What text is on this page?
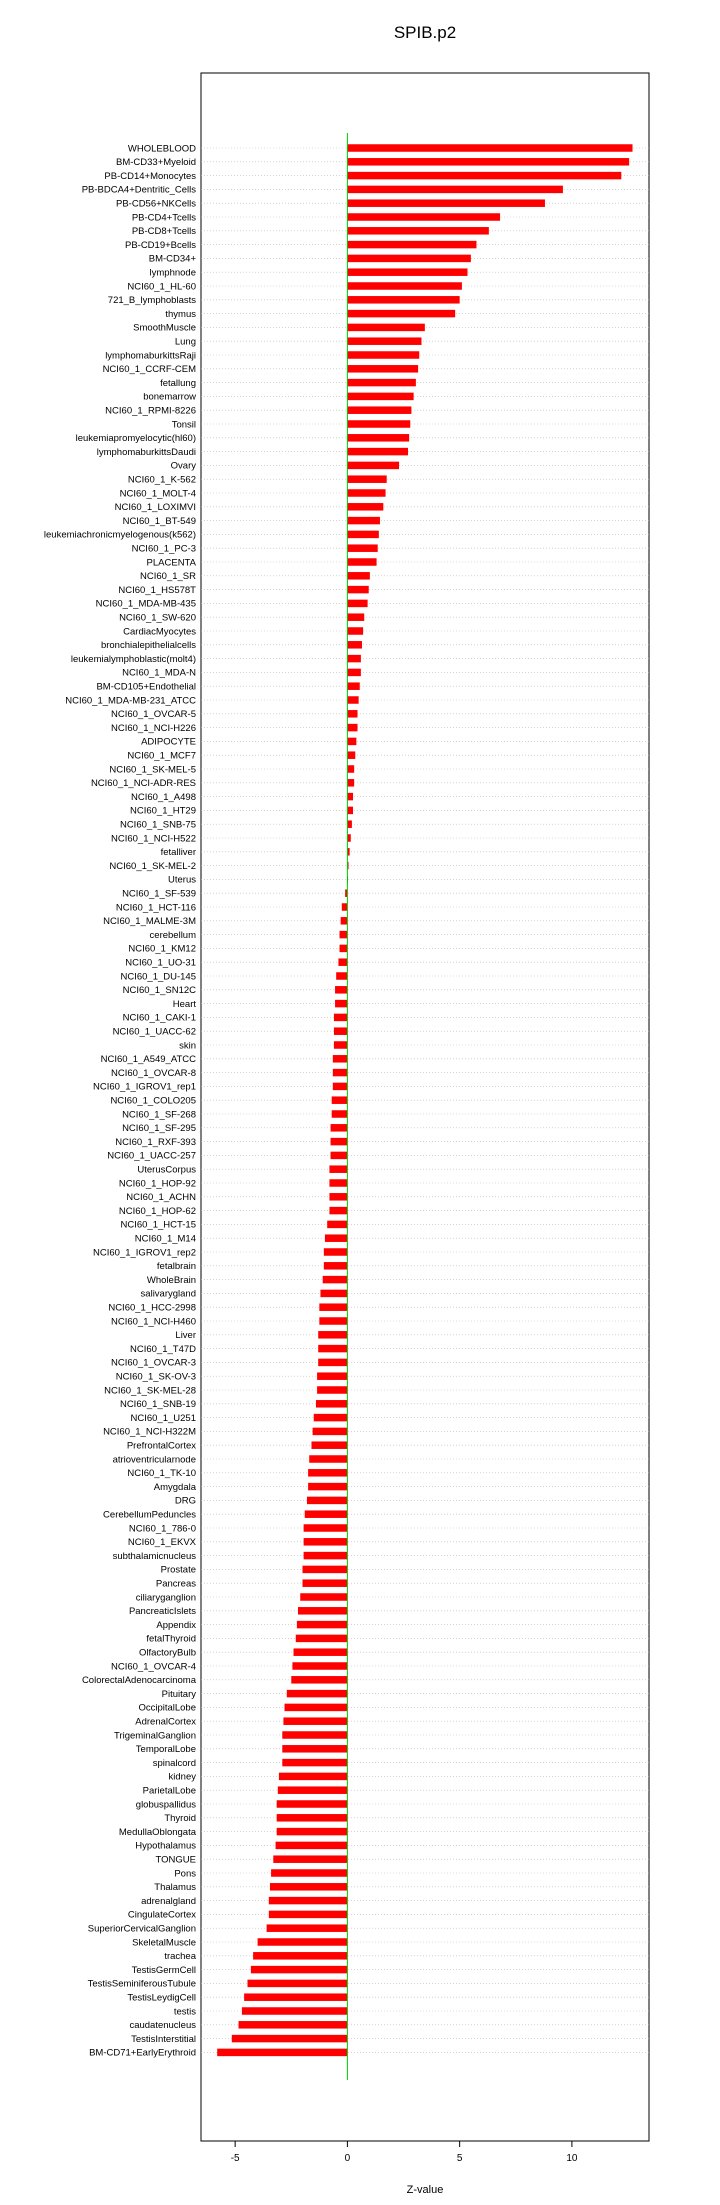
SPIB.p2
WHOLEBLOOD
BM-CD33+Myeloid
PB-CD14+Monocytes
PB-BDCA4+Dentritic_Cells
PB-CD56+NKCells
PB-CD4+Tcells
PB-CD8+Tcells
PB-CD19+Bcells
BM-CD34+
lymphnode
NCI60_1_HL-60
721_B_lymphoblasts
thymus
SmoothMuscle
Lung
lymphomaburkittsRaji
NCI60_1_CCRF-CEM
fetallung
bonemarrow
NCI60_1_RPMI-8226
Tonsil
leukemiapromyelocytic(hl60)
lymphomaburkittsDaudi
Ovary
NCI60_1_K-562
NCI60_1_MOLT-4
NCI60_1_LOXIMVI
NCI60_1_BT-549
leukemiachronicmyelogenous(k562)
NCI60_1_PC-3
PLACENTA
NCI60_1_SR
NCI60_1_HS578T
NCI60_1_MDA-MB-435
NCI60_1_SW-620
CardiacMyocytes
bronchialepithelialcells
leukemialymphoblastic(molt4)
NCI60_1_MDA-N
BM-CD105+Endothelial
NCI60_1_MDA-MB-231_ATCC
NCI60_1_OVCAR-5
NCI60_1_NCI-H226
ADIPOCYTE
NCI60_1_MCF7
NCI60_1_SK-MEL-5
NCI60_1_NCI-ADR-RES
NCI60_1_A498
NCI60_1_HT29
NCI60_1_SNB-75
NCI60_1_NCI-H522
fetalliver
NCI60_1_SK-MEL-2
Uterus
NCI60_1_SF-539
NCI60_1_HCT-116
NCI60_1_MALME-3M
cerebellum
NCI60_1_KM12
NCI60_1_UO-31
NCI60_1_DU-145
NCI60_1_SN12C
Heart
NCI60_1_CAKI-1
NCI60_1_UACC-62
skin
NCI60_1_A549_ATCC
NCI60_1_OVCAR-8
NCI60_1_IGROV1_rep1
NCI60_1_COLO205
NCI60_1_SF-268
NCI60_1_SF-295
NCI60_1_RXF-393
NCI60_1_UACC-257
UterusCorpus
NCI60_1_HOP-92
NCI60_1_ACHN
NCI60_1_HOP-62
NCI60_1_HCT-15
NCI60_1_M14
NCI60_1_IGROV1_rep2
fetalbrain
WholeBrain
salivarygland
NCI60_1_HCC-2998
NCI60_1_NCI-H460
Liver
NCI60_1_T47D
NCI60_1_OVCAR-3
NCI60_1_SK-OV-3
NCI60_1_SK-MEL-28
NCI60_1_SNB-19
NCI60_1_U251
NCI60_1_NCI-H322M
PrefrontalCortex
atrioventricularnode
NCI60_1_TK-10
Amygdala
DRG
CerebellumPeduncles
NCI60_1_786-0
NCI60_1_EKVX
subthalamicnucleus
Prostate
Pancreas
ciliaryganglion
PancreaticIslets
Appendix
fetalThyroid
OlfactoryBulb
NCI60_1_OVCAR-4
ColorectalAdenocarcinoma
Pituitary
OccipitalLobe
AdrenalCortex
TrigeminalGanglion
TemporalLobe
spinalcord
kidney
ParietalLobe
globuspallidus
Thyroid
MedullaOblongata
Hypothalamus
TONGUE
Pons
Thalamus
adrenalgland
CingulateCortex
SuperiorCervicalGanglion
SkeletalMuscle
trachea
TestisGermCell
TestisSeminiferousTubule
TestisLeydigCell
testis
caudatenucleus
TestisInterstitial
BM-CD71+EarlyErythroid
-5	0	5	10
Z-value
